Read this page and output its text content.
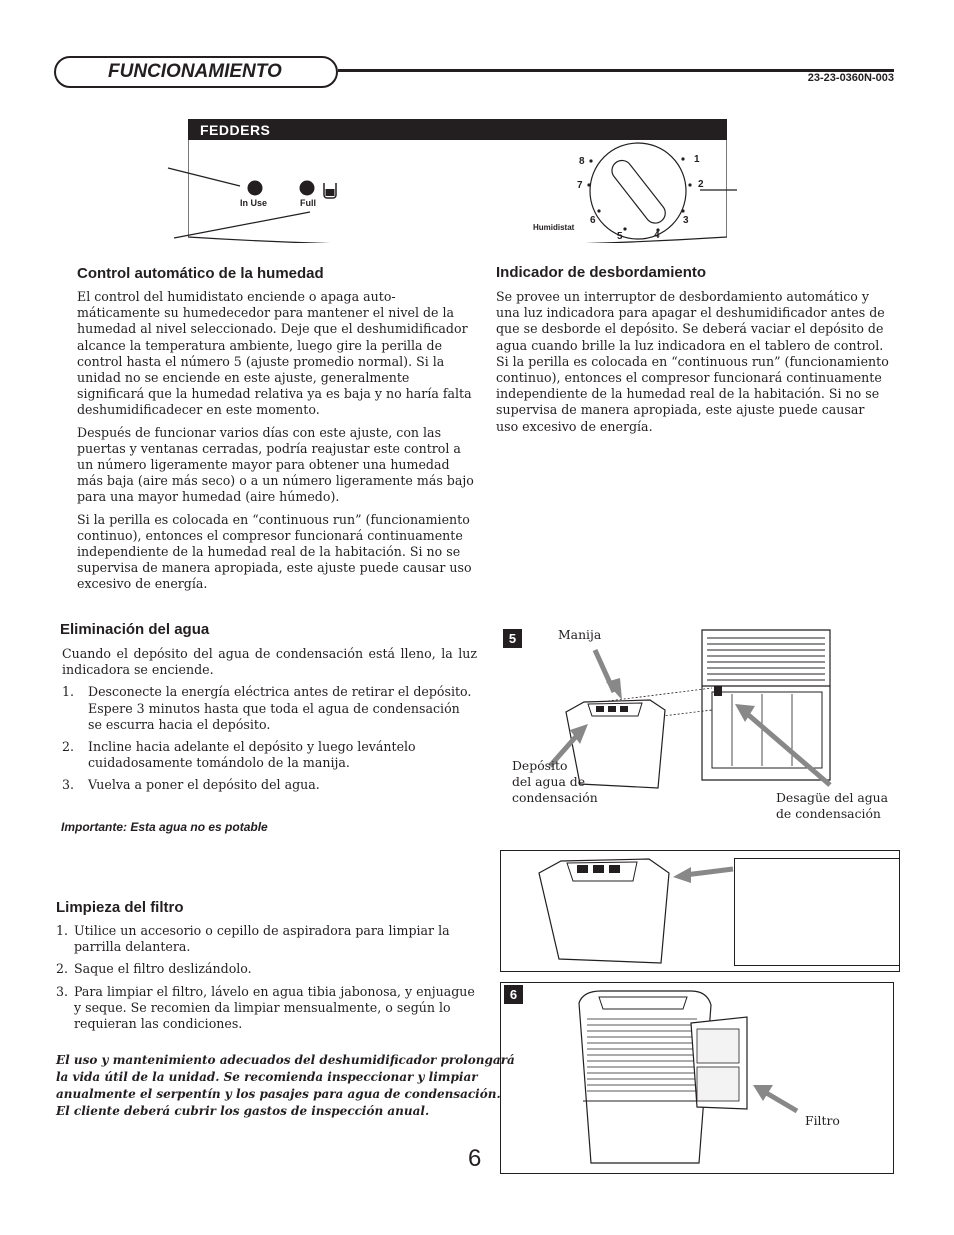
FUNCIONAMIENTO	23-23-0360N-003
FEDDERS
In Use	Full
Continuous Run	Off
Humidistat
1
2
3
4
5
6
7
8
Control automático de la humedad

El control del humidistato enciende o apaga auto- máticamente su humedecedor para mantener el nivel de la humedad al nivel seleccionado. Deje que el deshumidificador alcance la temperatura ambiente, luego gire la perilla de control hasta el número 5 (ajuste promedio normal). Si la unidad no se enciende en este ajuste, generalmente significará que la humedad relativa ya es baja y no haría falta deshumidificadecer en este momento.

Después de funcionar varios días con este ajuste, con las puertas y ventanas cerradas, podría reajustar este control a un número ligeramente mayor para obtener una humedad más baja (aire más seco) o a un número ligeramente más bajo para una mayor humedad (aire húmedo).

Si la perilla es colocada en “continuous run” (funcionamiento continuo), entonces el compresor funcionará continuamente independiente de la humedad real de la habitación. Si no se supervisa de manera apropiada, este ajuste puede causar uso excesivo de energía.

Indicador de desbordamiento
Se provee un interruptor de desbordamiento automático y una luz indicadora para apagar el deshumidificador antes de que se desborde el depósito. Se deberá vaciar el depósito de agua cuando brille la luz indicadora en el tablero de control.
Si la perilla es colocada en “continuous run” (funcionamiento continuo), entonces el compresor funcionará continuamente independiente de la humedad real de la habitación. Si no se supervisa de manera apropiada, este ajuste puede causar uso excesivo de energía.
Eliminación del agua

Cuando el depósito del agua de condensación está lleno, la luz indicadora se enciende.

1. Desconecte la energía eléctrica antes de retirar el depósito. Espere 3 minutos hasta que toda el agua de condensación se escurra hacia el depósito.
2. Incline hacia adelante el depósito y luego levántelo cuidadosamente tomándolo de la manija.
3. Vuelva a poner el depósito del agua.
Importante: Esta agua no es potable
Limpieza del filtro
1. Utilice un accesorio o cepillo de aspiradora para limpiar la parrilla delantera.
2. Saque el filtro deslizándolo.
3. Para limpiar el filtro, lávelo en agua tibia jabonosa, y enjuague y seque. Se recomien da limpiar mensualmente, o según lo requieran las condiciones.
El uso y mantenimiento adecuados del deshumidificador prolongará
la vida útil de la unidad. Se recomienda inspeccionar y limpiar
anualmente el serpentín y los pasajes para agua de condensación.
El cliente deberá cubrir los gastos de inspección anual.
5	Manija
Depósito
del agua de
condensación	Desagüe del agua
de condensación
6
Filtro
6
